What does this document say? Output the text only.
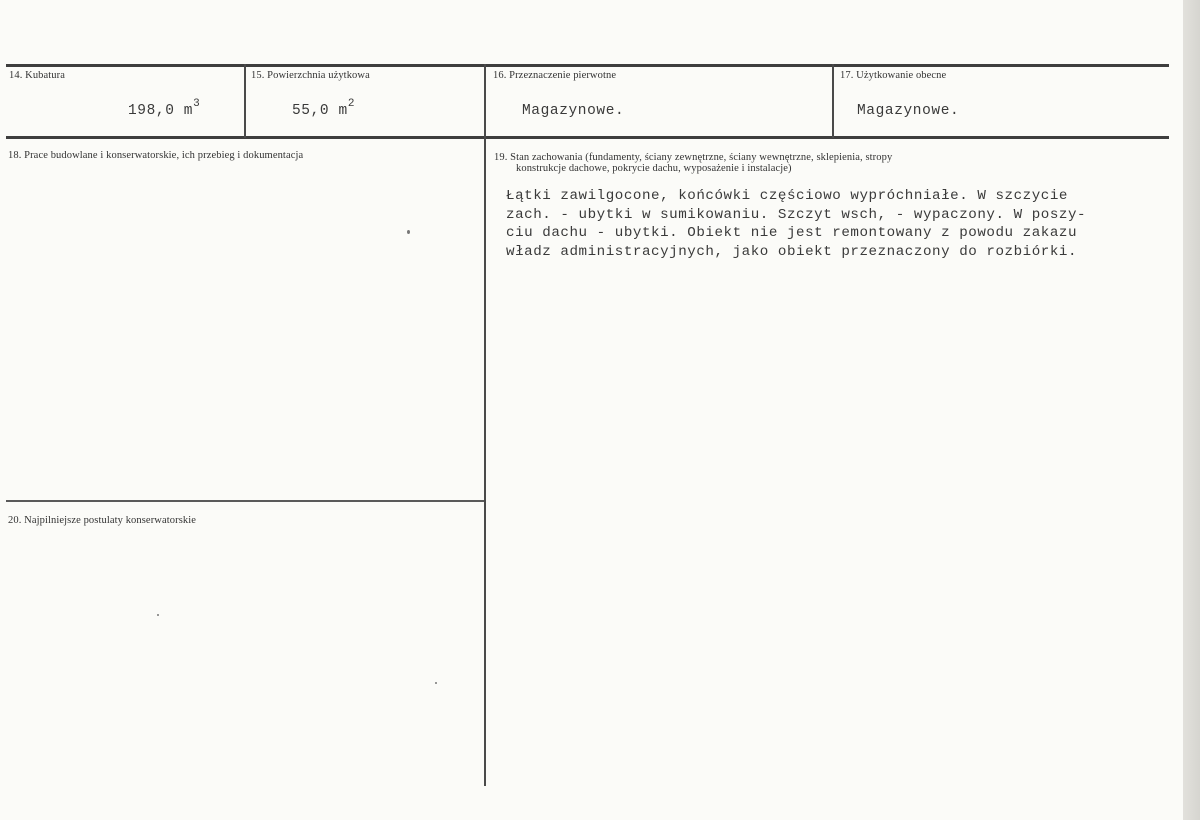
14. Kubatura
198,0 $m^3$
15. Powierzchnia użytkowa
55,0 $m^2$
16. Przeznaczenie pierwotne
Magazynowe.
17. Użytkowanie obecne
Magazynowe.
18. Prace budowlane i konserwatorskie, ich przebieg i dokumentacja	19. Stan zachowania (fundamenty, ściany zewnętrzne, ściany wewnętrzne, sklepienia, stropy
konstrukcje dachowe, pokrycie dachu, wyposażenie i instalacje)
Łątki zawilgocone, końcówki częściowo wypróchniałe. W szczycie
zach. - ubytki w sumikowaniu. Szczyt wsch, - wypaczony. W poszy-
ciu dachu - ubytki. Obiekt nie jest remontowany z powodu zakazu
władz administracyjnych, jako obiekt przeznaczony do rozbiórki.
20. Najpilniejsze postulaty konserwatorskie
